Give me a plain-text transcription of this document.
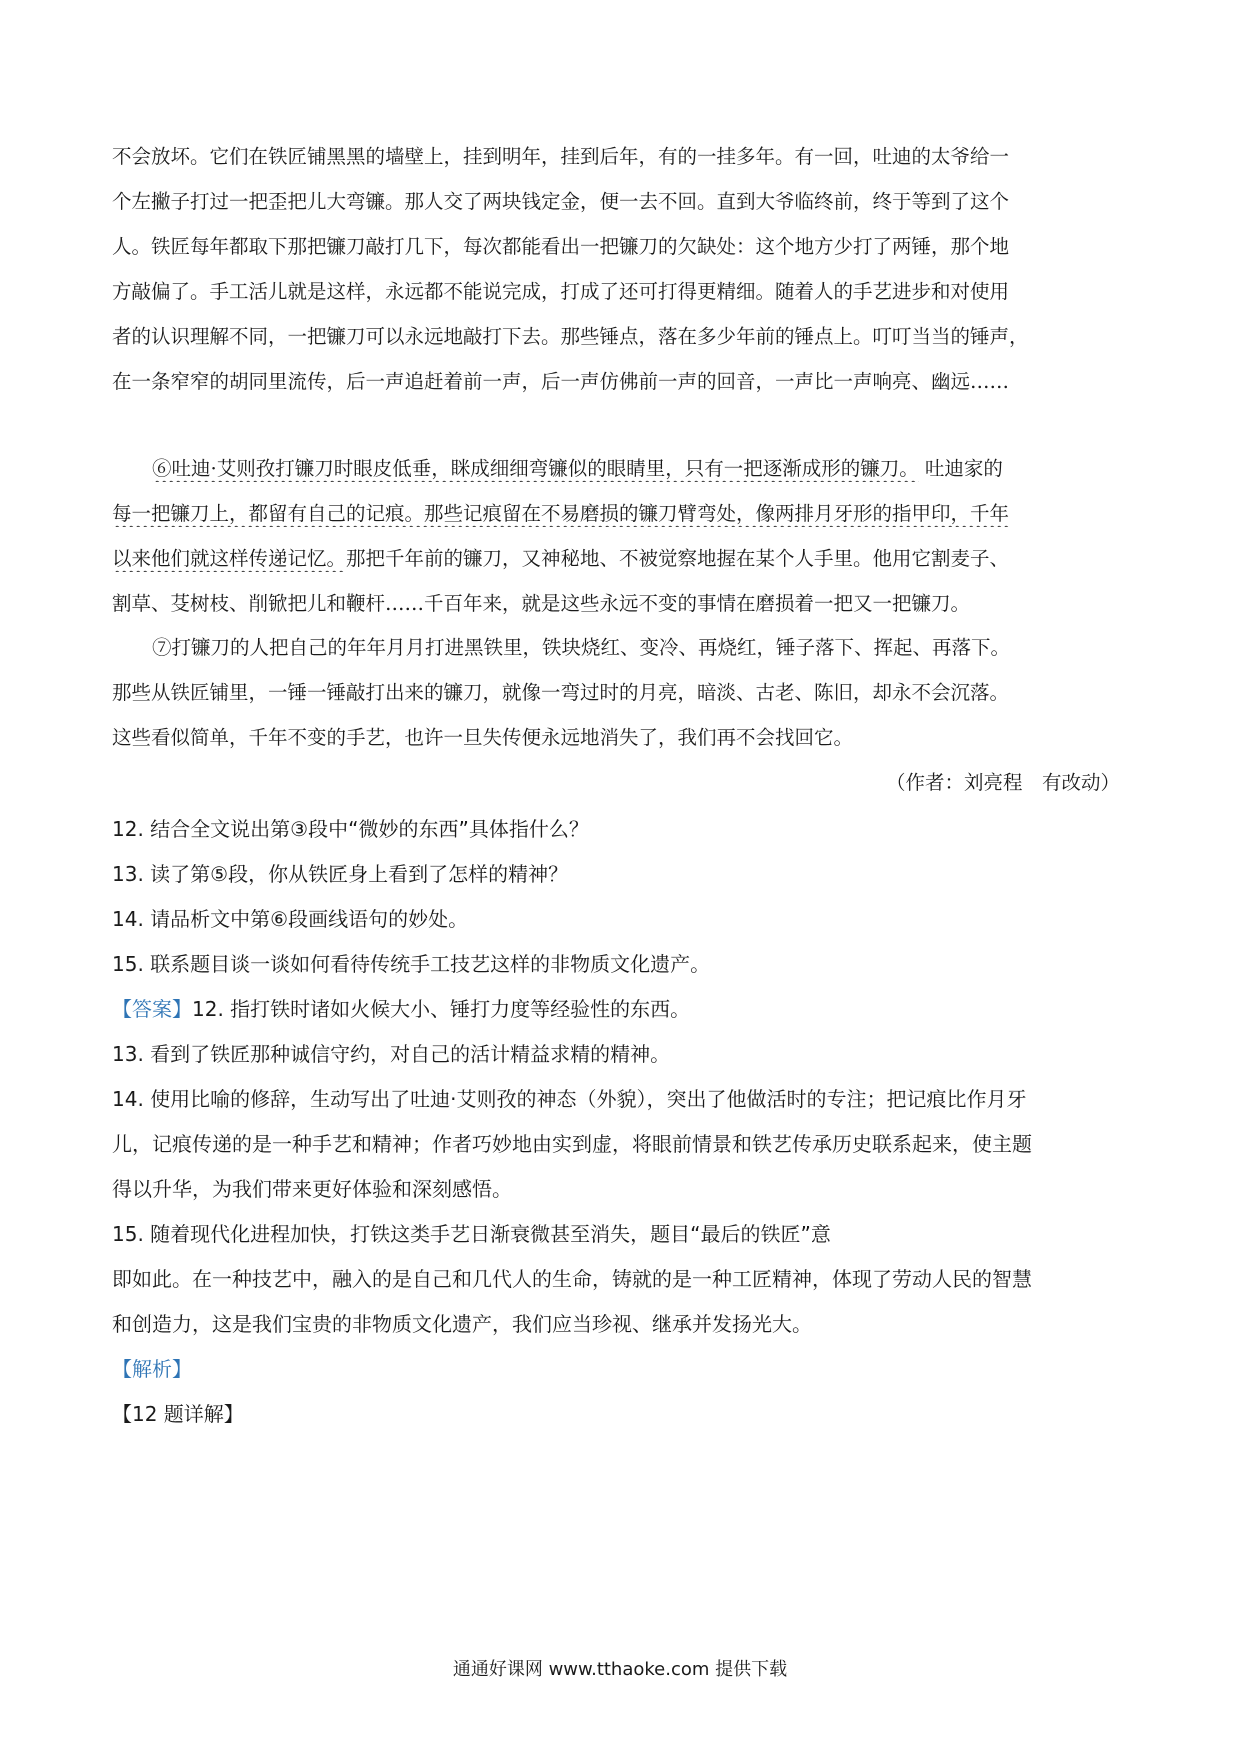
不会放坏。它们在铁匠铺黑黑的墙壁上，挂到明年，挂到后年，有的一挂多年。有一回，吐迪的太爷给一
个左撇子打过一把歪把儿大弯镰。那人交了两块钱定金，便一去不回。直到大爷临终前，终于等到了这个
人。铁匠每年都取下那把镰刀敲打几下，每次都能看出一把镰刀的欠缺处：这个地方少打了两锤，那个地
方敲偏了。手工活儿就是这样，永远都不能说完成，打成了还可打得更精细。随着人的手艺进步和对使用
者的认识理解不同，一把镰刀可以永远地敲打下去。那些锤点，落在多少年前的锤点上。叮叮当当的锤声，
在一条窄窄的胡同里流传，后一声追赶着前一声，后一声仿佛前一声的回音，一声比一声响亮、幽远……
⑥吐迪·艾则孜打镰刀时眼皮低垂，眯成细细弯镰似的眼睛里，只有一把逐渐成形的镰刀。 吐迪家的
每一把镰刀上，都留有自己的记痕。那些记痕留在不易磨损的镰刀臂弯处，像两排月牙形的指甲印，千年
以来他们就这样传递记忆。那把千年前的镰刀，又神秘地、不被觉察地握在某个人手里。他用它割麦子、
割草、芟树枝、削锨把儿和鞭杆……千百年来，就是这些永远不变的事情在磨损着一把又一把镰刀。
⑦打镰刀的人把自己的年年月月打进黑铁里，铁块烧红、变冷、再烧红，锤子落下、挥起、再落下。
那些从铁匠铺里，一锤一锤敲打出来的镰刀，就像一弯过时的月亮，暗淡、古老、陈旧，却永不会沉落。
这些看似简单，千年不变的手艺，也许一旦失传便永远地消失了，我们再不会找回它。
（作者：刘亮程　有改动）
12. 结合全文说出第③段中“微妙的东西”具体指什么？
13. 读了第⑤段，你从铁匠身上看到了怎样的精神？
14. 请品析文中第⑥段画线语句的妙处。
15. 联系题目谈一谈如何看待传统手工技艺这样的非物质文化遗产。
【答案】12. 指打铁时诸如火候大小、锤打力度等经验性的东西。
13. 看到了铁匠那种诚信守约，对自己的活计精益求精的精神。
14. 使用比喻的修辞，生动写出了吐迪·艾则孜的神态（外貌），突出了他做活时的专注；把记痕比作月牙
儿，记痕传递的是一种手艺和精神；作者巧妙地由实到虚，将眼前情景和铁艺传承历史联系起来，使主题
得以升华，为我们带来更好体验和深刻感悟。
15. 随着现代化进程加快，打铁这类手艺日渐衰微甚至消失，题目“最后的铁匠”意
即如此。在一种技艺中，融入的是自己和几代人的生命，铸就的是一种工匠精神，体现了劳动人民的智慧
和创造力，这是我们宝贵的非物质文化遗产，我们应当珍视、继承并发扬光大。
【解析】
【12 题详解】
通通好课网 www.tthaoke.com 提供下载
